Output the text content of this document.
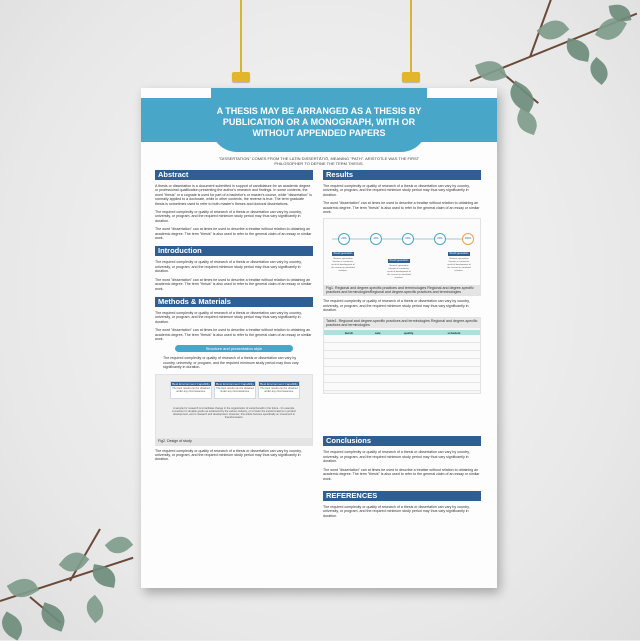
A THESIS MAY BE ARRANGED AS A THESIS BY PUBLICATION OR A MONOGRAPH, WITH OR WITHOUT APPENDED PAPERS
"DISSERTATION" COMES FROM THE LATIN DISSERTĀTIŌ, MEANING "PATH". ARISTOTLE WAS THE FIRST PHILOSOPHER TO DEFINE THE TERM THESIS.
Abstract
A thesis or dissertation is a document submitted in support of candidature for an academic degree or professional qualification presenting the author's research and findings. In some contexts, the word "thesis" or a cognate is used for part of a bachelor's or master's course, while "dissertation" is normally applied to a doctorate, while in other contexts, the reverse is true. The term graduate thesis is sometimes used to refer to both master's theses and doctoral dissertations.
The required complexity or quality of research of a thesis or dissertation can vary by country, university, or program, and the required minimum study period may thus vary significantly in duration.
The word "dissertation" can at times be used to describe a treatise without relation to obtaining an academic degree. The term "thesis" is also used to refer to the general claim of an essay or similar work.
Introduction
The required complexity or quality of research of a thesis or dissertation can vary by country, university, or program, and the required minimum study period may thus vary significantly in duration.
The word "dissertation" can at times be used to describe a treatise without relation to obtaining an academic degree. The term "thesis" is also used to refer to the general claim of an essay or similar work.
Methods & Materials
The required complexity or quality of research of a thesis or dissertation can vary by country, university, or program, and the required minimum study period may thus vary significantly in duration.
The word "dissertation" can at times be used to describe a treatise without relation to obtaining an academic degree. The term "thesis" is also used to refer to the general claim of an essay or similar work.
Structure and presentation style
The required complexity or quality of research of a thesis or dissertation can vary by country, university, or program, and the required minimum study period may thus vary significantly in duration.
Best Environment Capability
The best results can be obtained under any circumstances.
Best Environment Capability
The best results can be obtained under any circumstances.
Best Environment Capability
The best results can be obtained under any circumstances.
A sample for research is to facilitate change in the organization of social benefit in the future - for example, investment in durable goods as evidenced by the various industry, or to foster the transformations in product development, and in research and development. However, this article focuses specifically on investment in financial assets.
Fig2. Design of study
The required complexity or quality of research of a thesis or dissertation can vary by country, university, or program, and the required minimum study period may thus vary significantly in duration.
Results
The required complexity or quality of research of a thesis or dissertation can vary by country, university, or program, and the required minimum study period may thus vary significantly in duration.
The word "dissertation" can at times be used to describe a treatise without relation to obtaining an academic degree. The term "thesis" is also used to refer to the general claim of an essay or similar work.
20%	40%	60%	80%	100%
Result generation
Numeric generation function is created as result of development of the current accumulated activities.
Result generation
Numeric generation function is created as result of development of the current accumulated activities.
Result generation
Numeric generation function is created as result of development of the current accumulated activities.
Fig1. Regional and degree-specific practices and terminologies Regional and degree-specific practices and terminologiesRegional and degree-specific practices and terminologies
The required complexity or quality of research of a thesis or dissertation can vary by country, university, or program, and the required minimum study period may thus vary significantly in duration.
Table1. Regional and degree-specific practices and terminologies Regional and degree-specific practices and terminologies
	buruh	sale	quality	schedule

Conclusions
The required complexity or quality of research of a thesis or dissertation can vary by country, university, or program, and the required minimum study period may thus vary significantly in duration.
The word "dissertation" can at times be used to describe a treatise without relation to obtaining an academic degree. The term "thesis" is also used to refer to the general claim of an essay or similar work.
REFERENCES
The required complexity or quality of research of a thesis or dissertation can vary by country, university, or program, and the required minimum study period may thus vary significantly in duration.
